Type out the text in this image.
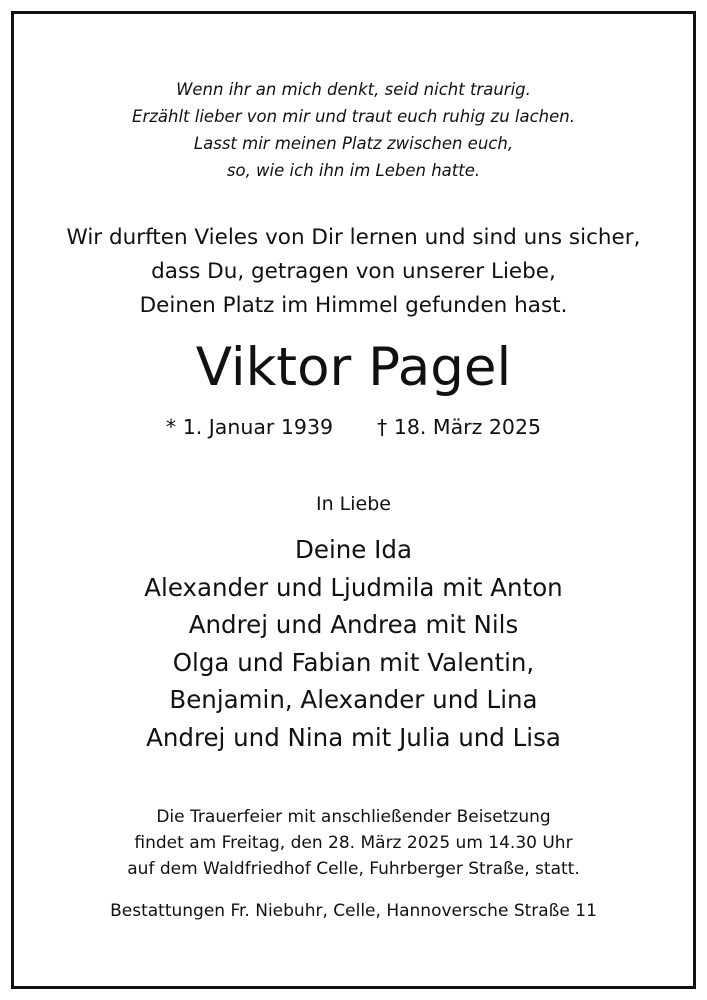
Wenn ihr an mich denkt, seid nicht traurig.
Erzählt lieber von mir und traut euch ruhig zu lachen.
Lasst mir meinen Platz zwischen euch,
so, wie ich ihn im Leben hatte.
Wir durften Vieles von Dir lernen und sind uns sicher,
dass Du, getragen von unserer Liebe,
Deinen Platz im Himmel gefunden hast.
Viktor Pagel
* 1. Januar 1939 † 18. März 2025
In Liebe
Deine Ida
Alexander und Ljudmila mit Anton
Andrej und Andrea mit Nils
Olga und Fabian mit Valentin,
Benjamin, Alexander und Lina
Andrej und Nina mit Julia und Lisa
Die Trauerfeier mit anschließender Beisetzung
findet am Freitag, den 28. März 2025 um 14.30 Uhr
auf dem Waldfriedhof Celle, Fuhrberger Straße, statt.
Bestattungen Fr. Niebuhr, Celle, Hannoversche Straße 11
